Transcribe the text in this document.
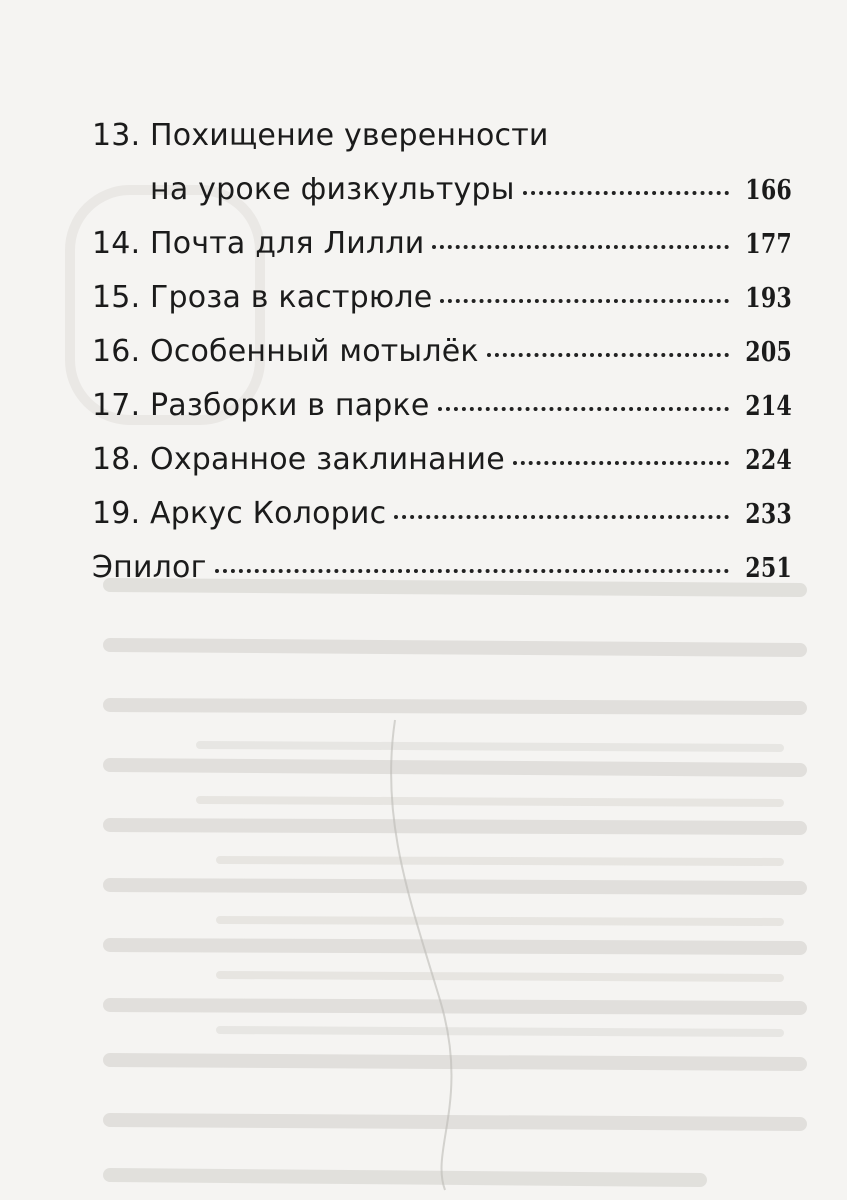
13. Похищение уверенности
на уроке физкультуры	166
14. Почта для Лилли	177
15. Гроза в кастрюле	193
16. Особенный мотылёк	205
17. Разборки в парке	214
18. Охранное заклинание	224
19. Аркус Колорис	233
Эпилог	251
